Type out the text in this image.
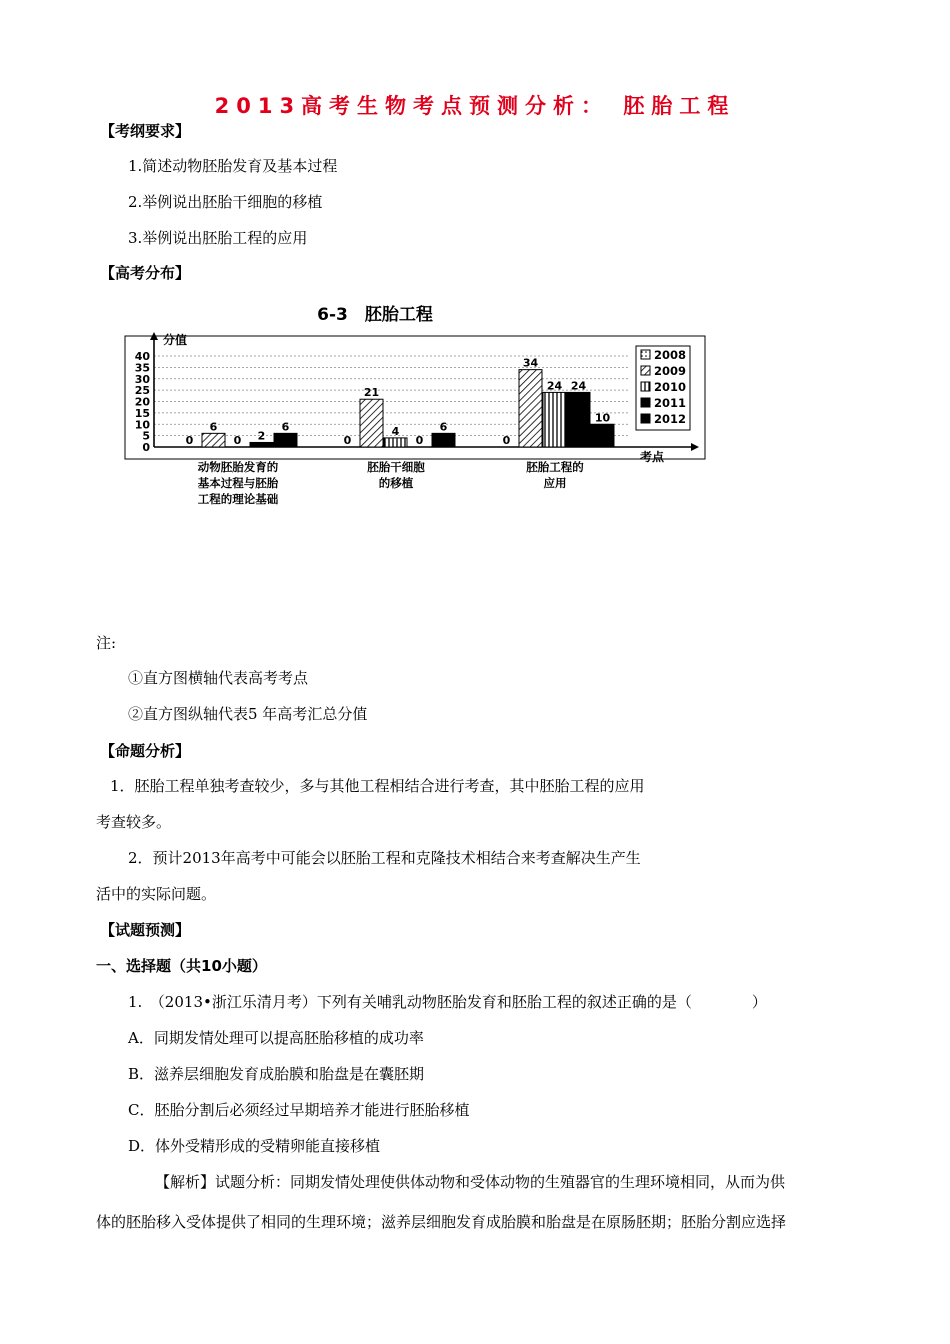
2013高考生物考点预测分析： 胚胎工程
【考纲要求】
1.简述动物胚胎发育及基本过程
2.举例说出胚胎干细胞的移植
3.举例说出胚胎工程的应用
【高考分布】
6-3　胚胎工程
0
5
10
15
20
25
30
35
40
分值
考点
0	0	0
6
21
34
0
4
24
2	0
24
6	6
10
动物胚胎发育的
基本过程与胚胎
工程的理论基础
胚胎干细胞
的移植
胚胎工程的
应用
2008
2009
2010
2011
2012
注:
①直方图横轴代表高考考点
②直方图纵轴代表5 年高考汇总分值
【命题分析】
1．胚胎工程单独考查较少，多与其他工程相结合进行考查，其中胚胎工程的应用
考查较多。
2．预计2013年高考中可能会以胚胎工程和克隆技术相结合来考查解决生产生
活中的实际问题。
【试题预测】
一、选择题（共10小题）
1.　（2013•浙江乐清月考）下列有关哺乳动物胚胎发育和胚胎工程的叙述正确的是（　　　　）
A．同期发情处理可以提高胚胎移植的成功率
B．滋养层细胞发育成胎膜和胎盘是在囊胚期
C．胚胎分割后必须经过早期培养才能进行胚胎移植
D．体外受精形成的受精卵能直接移植
【解析】试题分析：同期发情处理使供体动物和受体动物的生殖器官的生理环境相同，从而为供
体的胚胎移入受体提供了相同的生理环境；滋养层细胞发育成胎膜和胎盘是在原肠胚期；胚胎分割应选择
